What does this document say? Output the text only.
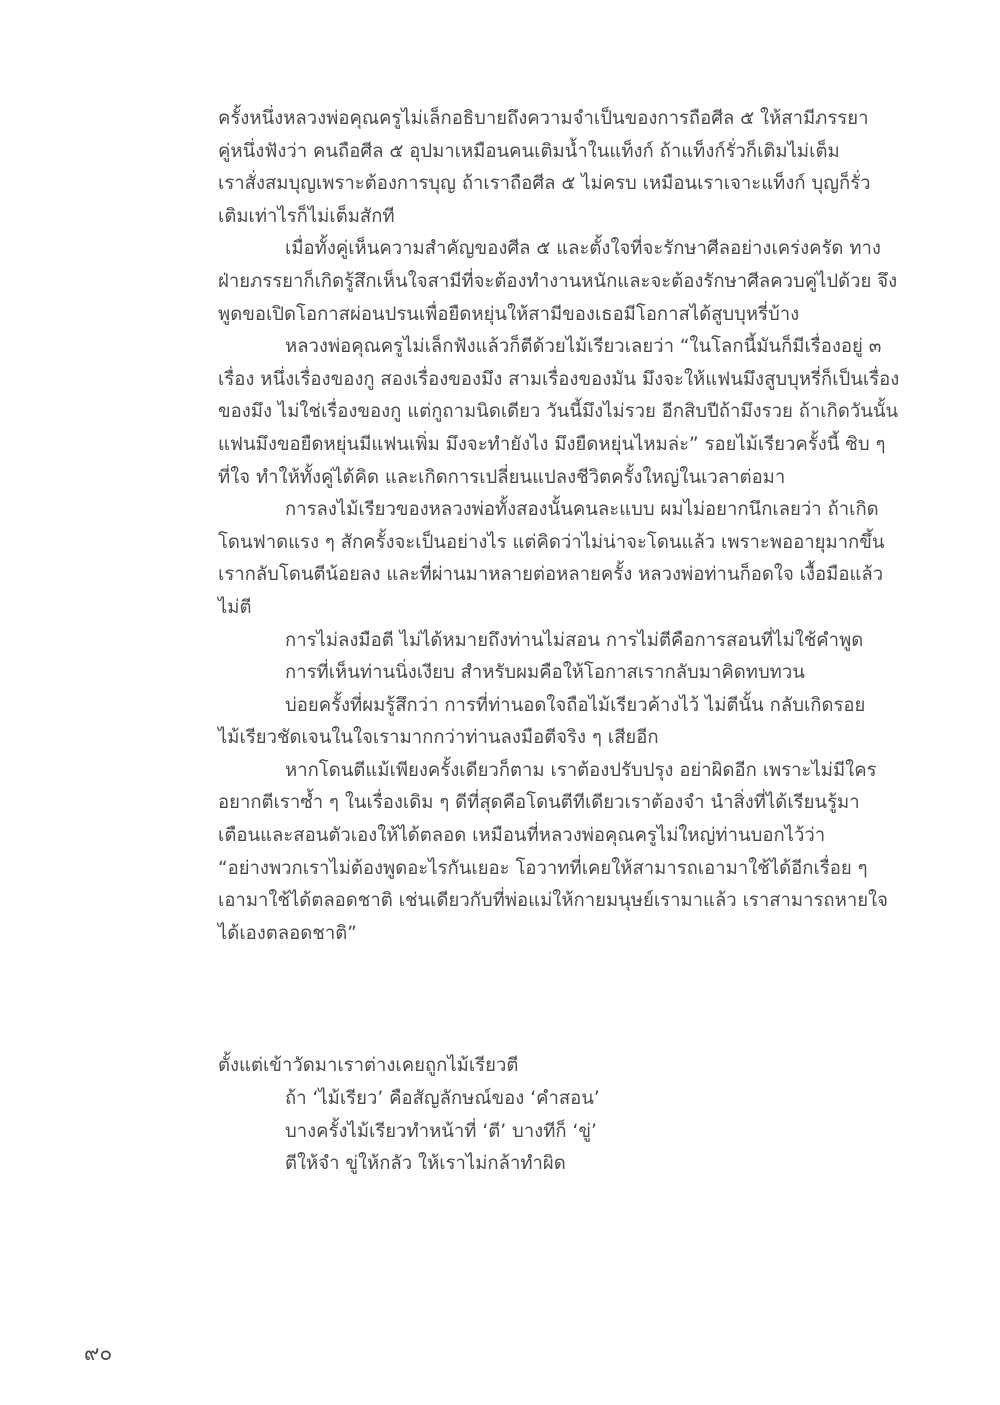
ครั้งหนึ่งหลวงพ่อคุณครูไม่เล็กอธิบายถึงความจำเป็นของการถือศีล ๕ ให้สามีภรรยา
คู่หนึ่งฟังว่า คนถือศีล ๕ อุปมาเหมือนคนเติมน้ำในแท็งก์ ถ้าแท็งก์รั่วก็เติมไม่เต็ม
เราสั่งสมบุญเพราะต้องการบุญ ถ้าเราถือศีล ๕ ไม่ครบ เหมือนเราเจาะแท็งก์ บุญก็รั่ว
เติมเท่าไรก็ไม่เต็มสักที
เมื่อทั้งคู่เห็นความสำคัญของศีล ๕ และตั้งใจที่จะรักษาศีลอย่างเคร่งครัด ทาง
ฝ่ายภรรยาก็เกิดรู้สึกเห็นใจสามีที่จะต้องทำงานหนักและจะต้องรักษาศีลควบคู่ไปด้วย จึง
พูดขอเปิดโอกาสผ่อนปรนเพื่อยืดหยุ่นให้สามีของเธอมีโอกาสได้สูบบุหรี่บ้าง
หลวงพ่อคุณครูไม่เล็กฟังแล้วก็ตีด้วยไม้เรียวเลยว่า “ในโลกนี้มันก็มีเรื่องอยู่ ๓
เรื่อง หนึ่งเรื่องของกู สองเรื่องของมึง สามเรื่องของมัน มึงจะให้แฟนมึงสูบบุหรี่ก็เป็นเรื่อง
ของมึง ไม่ใช่เรื่องของกู แต่กูถามนิดเดียว วันนี้มึงไม่รวย อีกสิบปีถ้ามึงรวย ถ้าเกิดวันนั้น
แฟนมึงขอยืดหยุ่นมีแฟนเพิ่ม มึงจะทำยังไง มึงยืดหยุ่นไหมล่ะ” รอยไม้เรียวครั้งนี้ ซิบ ๆ
ที่ใจ ทำให้ทั้งคู่ได้คิด และเกิดการเปลี่ยนแปลงชีวิตครั้งใหญ่ในเวลาต่อมา
การลงไม้เรียวของหลวงพ่อทั้งสองนั้นคนละแบบ ผมไม่อยากนึกเลยว่า ถ้าเกิด
โดนฟาดแรง ๆ สักครั้งจะเป็นอย่างไร แต่คิดว่าไม่น่าจะโดนแล้ว เพราะพออายุมากขึ้น
เรากลับโดนตีน้อยลง และที่ผ่านมาหลายต่อหลายครั้ง หลวงพ่อท่านก็อดใจ เงื้อมือแล้ว
ไม่ตี
การไม่ลงมือตี ไม่ได้หมายถึงท่านไม่สอน การไม่ตีคือการสอนที่ไม่ใช้คำพูด
การที่เห็นท่านนิ่งเงียบ สำหรับผมคือให้โอกาสเรากลับมาคิดทบทวน
บ่อยครั้งที่ผมรู้สึกว่า การที่ท่านอดใจถือไม้เรียวค้างไว้ ไม่ตีนั้น กลับเกิดรอย
ไม้เรียวชัดเจนในใจเรามากกว่าท่านลงมือตีจริง ๆ เสียอีก
หากโดนตีแม้เพียงครั้งเดียวก็ตาม เราต้องปรับปรุง อย่าผิดอีก เพราะไม่มีใคร
อยากตีเราซ้ำ ๆ ในเรื่องเดิม ๆ ดีที่สุดคือโดนตีทีเดียวเราต้องจำ นำสิ่งที่ได้เรียนรู้มา
เตือนและสอนตัวเองให้ได้ตลอด เหมือนที่หลวงพ่อคุณครูไม่ใหญ่ท่านบอกไว้ว่า
“อย่างพวกเราไม่ต้องพูดอะไรกันเยอะ โอวาทที่เคยให้สามารถเอามาใช้ได้อีกเรื่อย ๆ
เอามาใช้ได้ตลอดชาติ เช่นเดียวกับที่พ่อแม่ให้กายมนุษย์เรามาแล้ว เราสามารถหายใจ
ได้เองตลอดชาติ”
ตั้งแต่เข้าวัดมาเราต่างเคยถูกไม้เรียวตี
ถ้า ‘ไม้เรียว’ คือสัญลักษณ์ของ ‘คำสอน’
บางครั้งไม้เรียวทำหน้าที่ ‘ตี’ บางทีก็ ‘ขู่’
ตีให้จำ ขู่ให้กลัว ให้เราไม่กล้าทำผิด
๙๐
